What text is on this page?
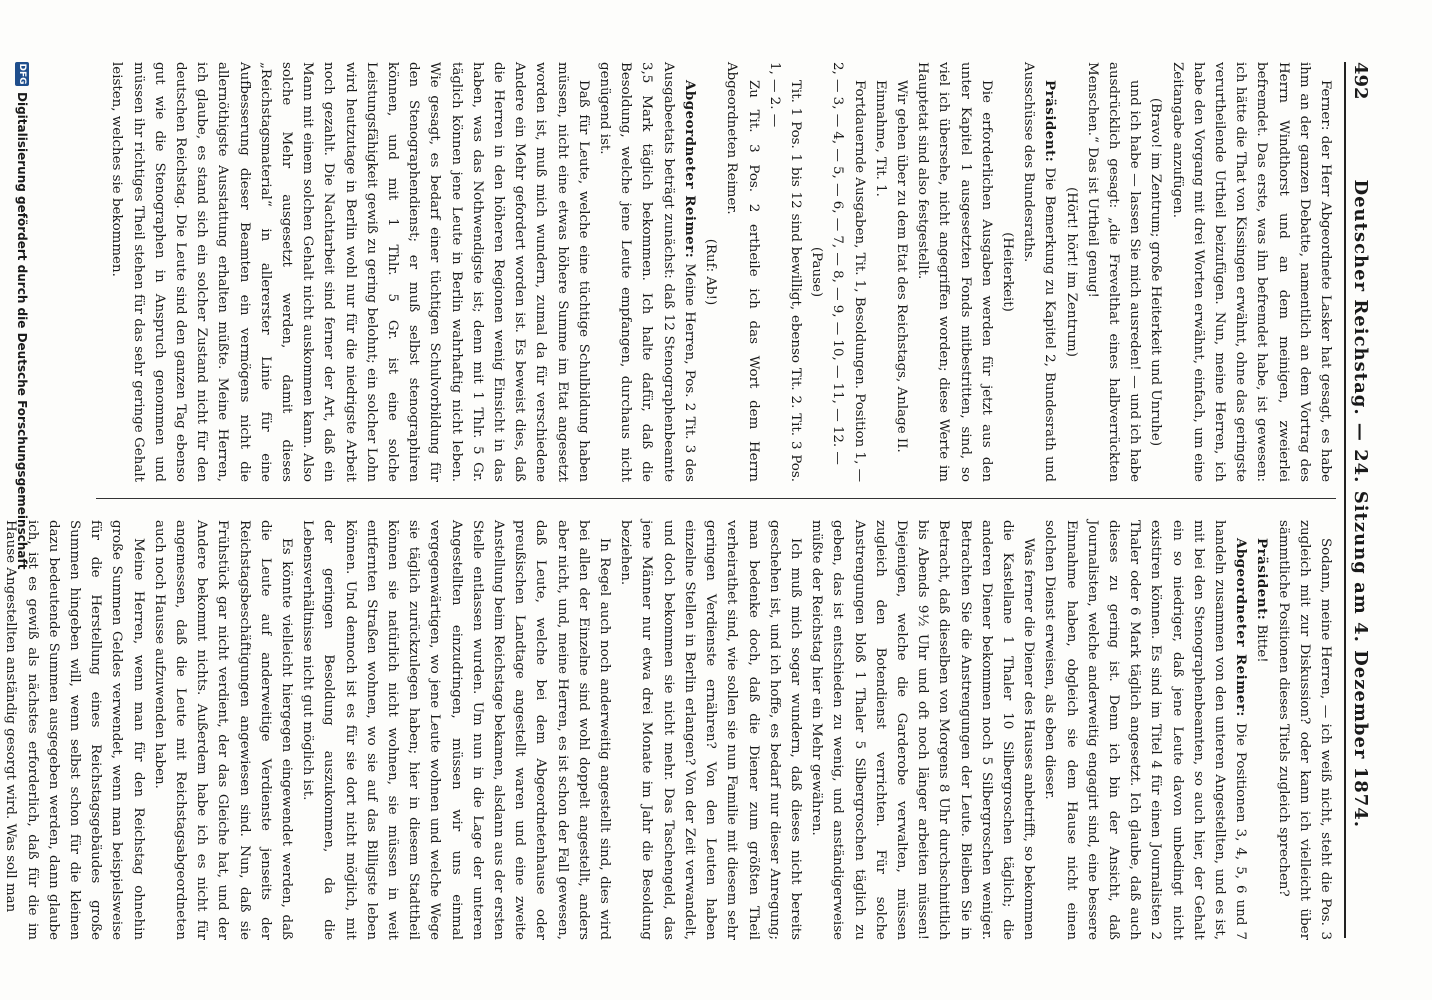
492
Deutscher Reichstag. — 24. Sitzung am 4. Dezember 1874.

Ferner: der Herr Abgeordnete Lasker hat gesagt, es habe ihm an der ganzen Debatte, namentlich an dem Vortrag des Herrn Windthorst und an dem meinigen, zweierlei befremdet. Das erste, was ihn befremdet habe, ist gewesen: ich hätte die That von Kissingen erwähnt, ohne das geringste verurtheilende Urtheil beizufügen. Nun, meine Herren, ich habe den Vorgang mit drei Worten erwähnt, einfach, um eine Zeitangabe anzufügen.

(Bravo! im Zentrum; große Heiterkeit und Unruhe)

und ich habe — lassen Sie mich ausreden! — und ich habe ausdrücklich gesagt: „die Frevelthat eines halbverrückten Menschen.“ Das ist Urtheil genug!

(Hört! hört! im Zentrum)

Präsident: Die Bemerkung zu Kapitel 2, Bundesrath und Ausschüsse des Bundesraths.

(Heiterkeit)

Die erforderlichen Ausgaben werden für jetzt aus den unter Kapitel 1 ausgesetzten Fonds mitbestritten, sind, so viel ich übersehe, nicht angegriffen worden; diese Werte im Hauptetat sind also festgestellt.

Wir gehen über zu dem Etat des Reichstags, Anlage II.

Einnahme, Tit. 1.

Fortdauernde Ausgaben, Tit. 1, Besoldungen. Position 1, — 2, — 3, — 4, — 5, — 6, — 7, — 8, — 9, — 10, — 11, — 12. —

(Pause)

Tit. 1 Pos. 1 bis 12 sind bewilligt, ebenso Tit. 2. Tit. 3 Pos. 1, — 2. —

Zu Tit. 3 Pos. 2 ertheile ich das Wort dem Herrn Abgeordneten Reimer.

(Ruf: Ab!)

Abgeordneter Reimer: Meine Herren, Pos. 2 Tit. 3 des Ausgabeetats beträgt zunächst: daß 12 Stenographenbeamte 3,5 Mark täglich bekommen. Ich halte dafür, daß die Besoldung, welche jene Leute empfangen, durchaus nicht genügend ist.

Daß für Leute, welche eine tüchtige Schulbildung haben müssen, nicht eine etwas höhere Summe im Etat angesetzt worden ist, muß mich wundern, zumal da für verschiedene Andere ein Mehr gefordert worden ist. Es beweist dies, daß die Herren in den höheren Regionen wenig Einsicht in das haben, was das Nothwendigste ist; denn mit 1 Thlr. 5 Gr. täglich können jene Leute in Berlin wahrhaftig nicht leben. Wie gesagt, es bedarf einer tüchtigen Schulvorbildung für den Stenographendienst; er muß selbst stenographiren können, und mit 1 Thlr. 5 Gr. ist eine solche Leistungsfähigkeit gewiß zu gering belohnt; ein solcher Lohn wird heutzutage in Berlin wohl nur für die niedrigste Arbeit noch gezahlt. Die Nachtarbeit sind ferner der Art, daß ein Mann mit einem solchen Gehalt nicht auskommen kann. Also solche Mehr ausgesetzt werden, damit dieses „Reichstagsmaterial“ in allererster Linie für eine Aufbesserung dieser Beamten ein vermögens nicht die allernöthigste Ausstattung erhalten müßte. Meine Herren, ich glaube, es stand sich ein solcher Zustand nicht für den deutschen Reichstag. Die Leute sind den ganzen Tag ebenso gut wie die Stenographen in Anspruch genommen und müssen ihr richtiges Theil stehen für das sehr geringe Gehalt leisten, welches sie bekommen.

Sodann, meine Herren, — ich weiß nicht, steht die Pos. 3 zugleich mit zur Diskussion? oder kann ich vielleicht über sämmtliche Positionen dieses Titels zugleich sprechen?

Präsident: Bitte!

Abgeordneter Reimer: Die Positionen 3, 4, 5, 6 und 7 handeln zusammen von den unteren Angestellten, und es ist, mit bei den Stenographenbeamten, so auch hier, der Gehalt ein so niedriger, daß jene Leute davon unbedingt nicht existiren können. Es sind im Titel 4 für einen Journalisten 2 Thaler oder 6 Mark täglich angesetzt. Ich glaube, daß auch dieses zu gering ist. Denn ich bin der Ansicht, daß Journalisten, welche anderweitig engagirt sind, eine bessere Einnahme haben, obgleich sie dem Hause nicht einen solchen Dienst erweisen, als eben dieser.

Was ferner die Diener des Hauses anbetrifft, so bekommen die Kastellane 1 Thaler 10 Silbergroschen täglich; die anderen Diener bekommen noch 5 Silbergroschen weniger. Betrachten Sie die Anstrengungen der Leute. Bleiben Sie in Betracht, daß dieselben von Morgens 8 Uhr durchschnittlich bis Abends 9½ Uhr und oft noch länger arbeiten müssen! Diejenigen, welche die Garderobe verwalten, müssen zugleich den Botendienst verrichten. Für solche Anstrengungen bloß 1 Thaler 5 Silbergroschen täglich zu geben, das ist entschieden zu wenig, und anständigerweise müßte der Reichstag hier ein Mehr gewähren.

Ich muß mich sogar wundern, daß dieses nicht bereits geschehen ist, und ich hoffe, es bedarf nur dieser Anregung; man bedenke doch, daß die Diener zum größten Theil verheirathet sind, wie sollen sie nun Familie mit diesem sehr geringen Verdienste ernähren? Von den Leuten haben einzelne Stellen in Berlin erlangen? Von der Zeit verwandelt, und doch bekommen sie nicht mehr. Das Taschengeld, das jene Männer nur etwa drei Monate im Jahr die Besoldung beziehen.

In Regel auch noch anderweitig angestellt sind, dies wird bei allen der Einzelne sind wohl doppelt angestellt, anders aber nicht, und, meine Herren, es ist schon der Fall gewesen, daß Leute, welche bei dem Abgeordnetenhause oder preußischen Landtage angestellt waren und eine zweite Anstellung beim Reichstage bekamen, alsdann aus der ersten Stelle entlassen wurden. Um nun in die Lage der unteren Angestellten einzudringen, müssen wir uns einmal vergegenwärtigen, wo jene Leute wohnen und welche Wege sie täglich zurückzulegen haben; hier in diesem Stadttheil können sie natürlich nicht wohnen, sie müssen in weit entfernten Straßen wohnen, wo sie auf das Billigste leben können. Und dennoch ist es für sie dort nicht möglich, mit der geringen Besoldung auszukommen, da die Lebensverhältnisse nicht gut möglich ist.

Es könnte vielleicht hiergegen eingewendet werden, daß die Leute auf anderweitige Verdienste jenseits der Reichstagsbeschäftigungen angewiesen sind. Nun, daß sie Frühstück gar nicht verdient, der das Gleiche hat, und der Andere bekommt nichts. Außerdem habe ich es nicht für angemessen, daß die Leute mit Reichstagsabgeordneten auch noch Hausse aufzuwenden haben.

Meine Herren, wenn man für den Reichstag ohnehin große Summen Geldes verwendet, wenn man beispielsweise für die Herstellung eines Reichstagsgebäudes große Summen hingeben will, wenn selbst schon für die kleinen dazu bedeutende Summen ausgegeben werden, dann glaube ich, ist es gewiß als nächstes erforderlich, daß für die im Hause Angestellten anständig gesorgt wird. Was soll man

DFG
Digitalisierung gefördert durch die Deutsche Forschungsgemeinschaft
